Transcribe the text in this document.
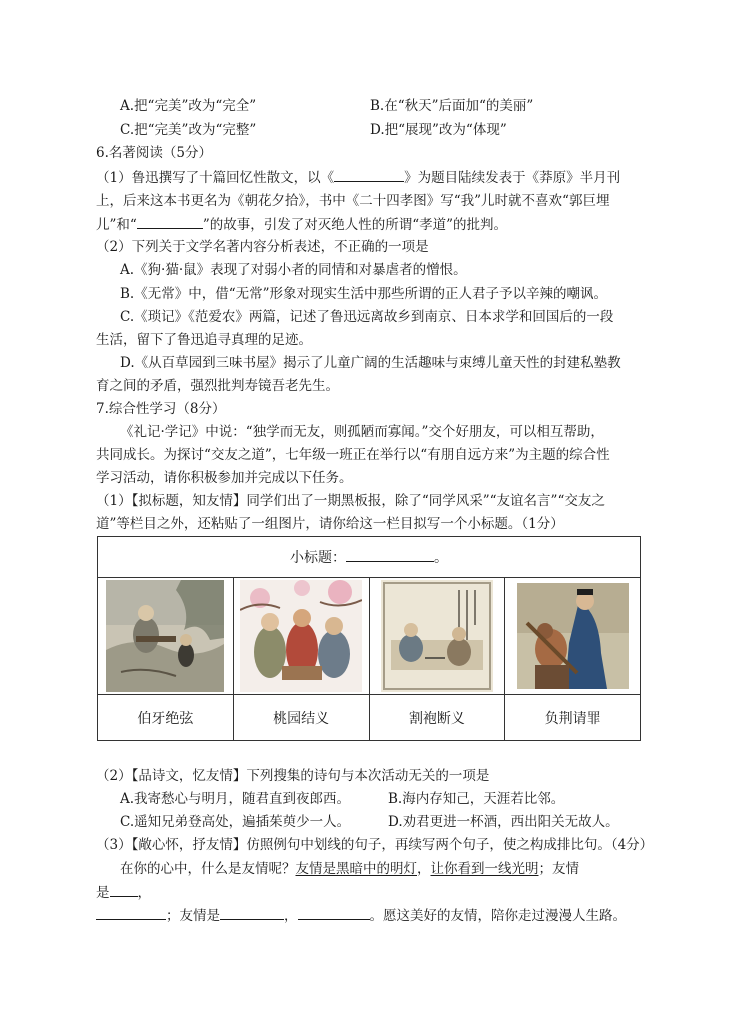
A.把“完美”改为“完全”	B.在“秋天”后面加“的美丽”
C.把“完美”改为“完整”	D.把“展现”改为“体现”
6.名著阅读（5分）
（1）鲁迅撰写了十篇回忆性散文，以《	》为题目陆续发表于《莽原》半月刊
上，后来这本书更名为《朝花夕拾》，书中《二十四孝图》写“我”儿时就不喜欢“郭巨埋
儿”和“	”的故事，引发了对灭绝人性的所谓“孝道”的批判。
（2）下列关于文学名著内容分析表述，不正确的一项是
A.《狗·猫·鼠》表现了对弱小者的同情和对暴虐者的憎恨。
B.《无常》中，借“无常”形象对现实生活中那些所谓的正人君子予以辛辣的嘲讽。
C.《琐记》《范爱农》两篇，记述了鲁迅远离故乡到南京、日本求学和回国后的一段
生活，留下了鲁迅追寻真理的足迹。
D.《从百草园到三味书屋》揭示了儿童广阔的生活趣味与束缚儿童天性的封建私塾教
育之间的矛盾，强烈批判寿镜吾老先生。
7.综合性学习（8分）
《礼记·学记》中说：“独学而无友，则孤陋而寡闻。”交个好朋友，可以相互帮助，
共同成长。为探讨“交友之道”，七年级一班正在举行以“有朋自远方来”为主题的综合性
学习活动，请你积极参加并完成以下任务。
（1）【拟标题，知友情】同学们出了一期黑板报，除了“同学风采”“友谊名言”“交友之
道”等栏目之外，还粘贴了一组图片，请你给这一栏目拟写一个小标题。（1分）
小标题： 。			

伯牙绝弦	桃园结义	割袍断义	负荆请罪
（2）【品诗文，忆友情】下列搜集的诗句与本次活动无关的一项是
A.我寄愁心与明月，随君直到夜郎西。	B.海内存知己，天涯若比邻。
C.遥知兄弟登高处，遍插茱萸少一人。	D.劝君更进一杯酒，西出阳关无故人。
（3）【敞心怀，抒友情】仿照例句中划线的句子，再续写两个句子，使之构成排比句。（4分）
在你的心中，什么是友情呢？友情是黑暗中的明灯，让你看到一线光明；友情
是 ，
；友情是	，	。愿这美好的友情，陪你走过漫漫人生路。
